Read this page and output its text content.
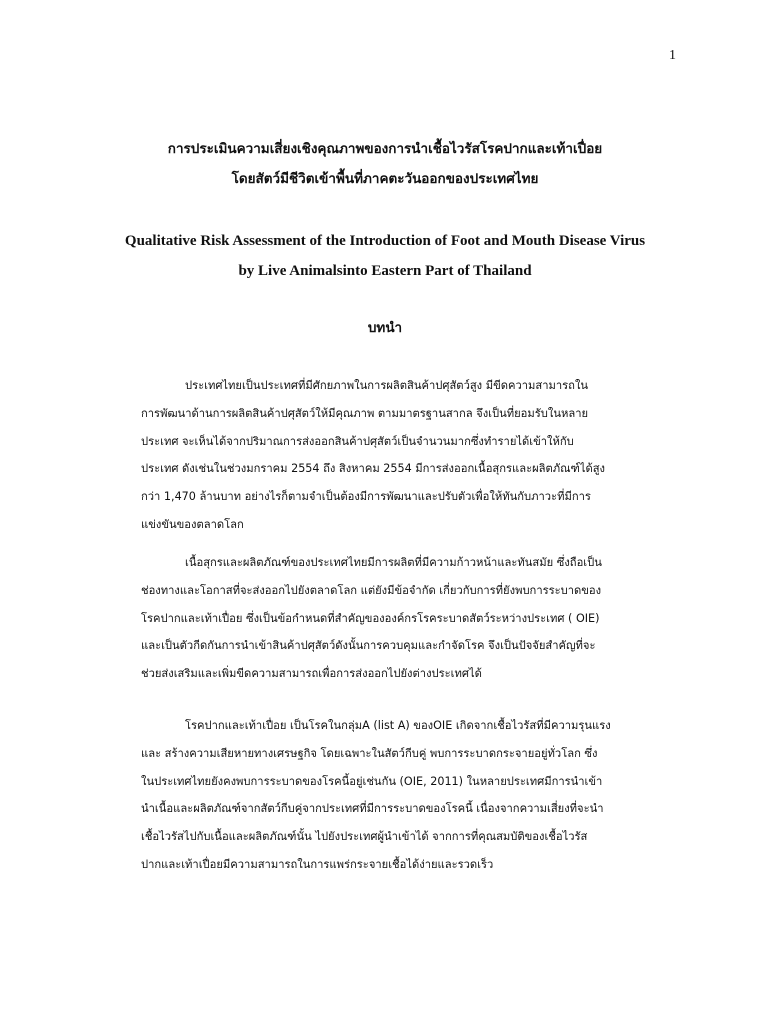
1
การประเมินความเสี่ยงเชิงคุณภาพของการนำเชื้อไวรัสโรคปากและเท้าเปื่อย
โดยสัตว์มีชีวิตเข้าพื้นที่ภาคตะวันออกของประเทศไทย
Qualitative Risk Assessment of the Introduction of Foot and Mouth Disease Virus
by Live Animalsinto Eastern Part of Thailand
บทนำ
ประเทศไทยเป็นประเทศที่มีศักยภาพในการผลิตสินค้าปศุสัตว์สูง มีขีดความสามารถใน
การพัฒนาด้านการผลิตสินค้าปศุสัตว์ให้มีคุณภาพ ตามมาตรฐานสากล จึงเป็นที่ยอมรับในหลาย
ประเทศ จะเห็นได้จากปริมาณการส่งออกสินค้าปศุสัตว์เป็นจำนวนมากซึ่งทำรายได้เข้าให้กับ
ประเทศ ดังเช่นในช่วงมกราคม 2554 ถึง สิงหาคม 2554 มีการส่งออกเนื้อสุกรและผลิตภัณฑ์ได้สูง
กว่า 1,470 ล้านบาท อย่างไรก็ตามจำเป็นต้องมีการพัฒนาและปรับตัวเพื่อให้ทันกับภาวะที่มีการ
แข่งขันของตลาดโลก
เนื้อสุกรและผลิตภัณฑ์ของประเทศไทยมีการผลิตที่มีความก้าวหน้าและทันสมัย ซึ่งถือเป็น
ช่องทางและโอกาสที่จะส่งออกไปยังตลาดโลก แต่ยังมีข้อจำกัด เกี่ยวกับการที่ยังพบการระบาดของ
โรคปากและเท้าเปื่อย ซึ่งเป็นข้อกำหนดที่สำคัญขององค์กรโรคระบาดสัตว์ระหว่างประเทศ ( OIE)
และเป็นตัวกีดกันการนำเข้าสินค้าปศุสัตว์ดังนั้นการควบคุมและกำจัดโรค จึงเป็นปัจจัยสำคัญที่จะ
ช่วยส่งเสริมและเพิ่มขีดความสามารถเพื่อการส่งออกไปยังต่างประเทศได้
โรคปากและเท้าเปื่อย เป็นโรคในกลุ่มA (list A) ของOIE เกิดจากเชื้อไวรัสที่มีความรุนแรง
และ สร้างความเสียหายทางเศรษฐกิจ โดยเฉพาะในสัตว์กีบคู่ พบการระบาดกระจายอยู่ทั่วโลก ซึ่ง
ในประเทศไทยยังคงพบการระบาดของโรคนี้อยู่เช่นกัน (OIE, 2011) ในหลายประเทศมีการนำเข้า
นำเนื้อและผลิตภัณฑ์จากสัตว์กีบคู่จากประเทศที่มีการระบาดของโรคนี้ เนื่องจากความเสี่ยงที่จะนำ
เชื้อไวรัสไปกับเนื้อและผลิตภัณฑ์นั้น ไปยังประเทศผู้นำเข้าได้ จากการที่คุณสมบัติของเชื้อไวรัส
ปากและเท้าเปื่อยมีความสามารถในการแพร่กระจายเชื้อได้ง่ายและรวดเร็ว
